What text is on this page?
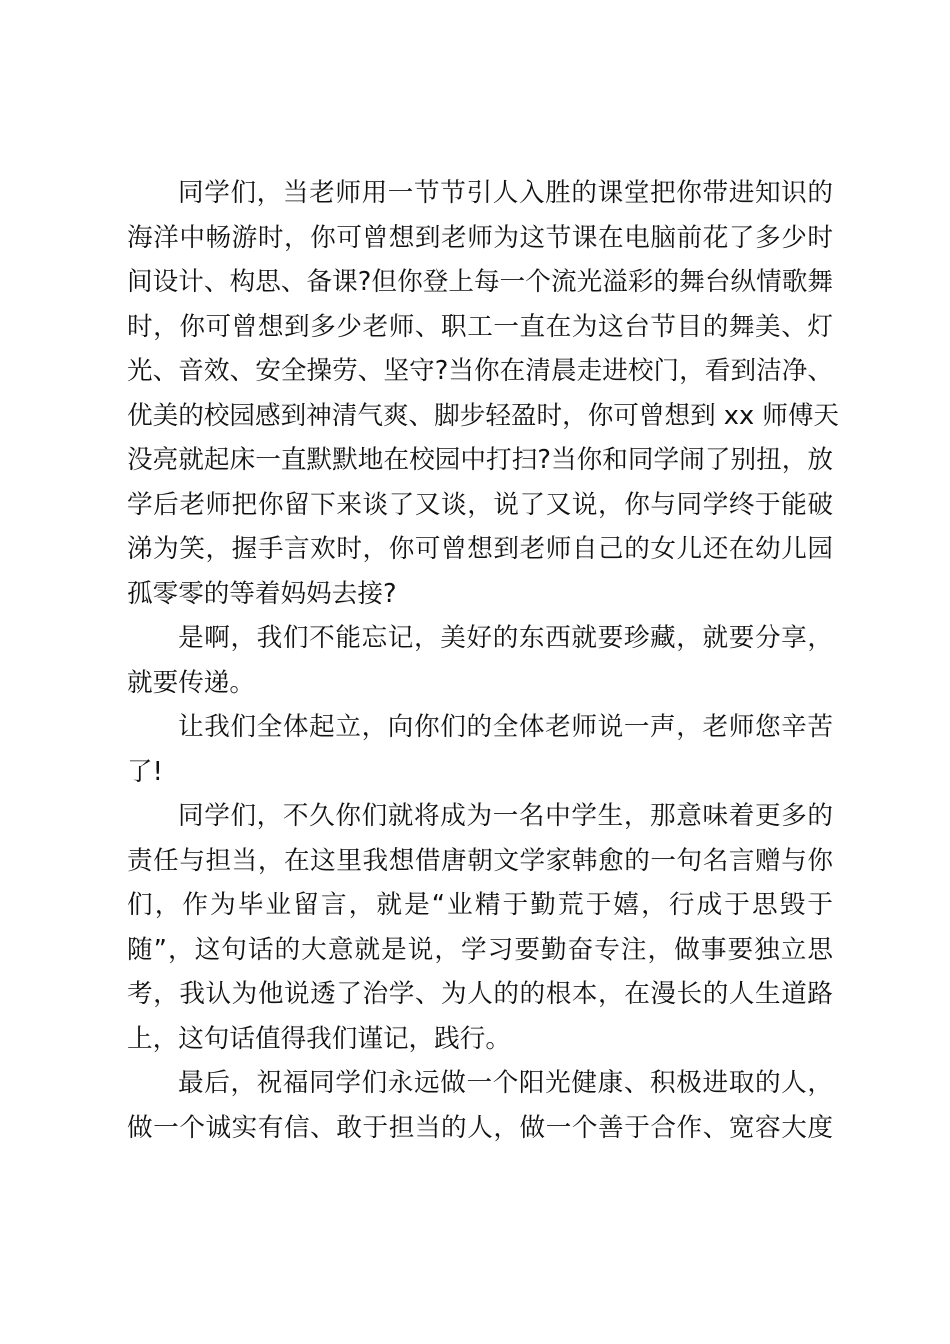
同学们，当老师用一节节引人入胜的课堂把你带进知识的
海洋中畅游时，你可曾想到老师为这节课在电脑前花了多少时
间设计、构思、备课?但你登上每一个流光溢彩的舞台纵情歌舞
时，你可曾想到多少老师、职工一直在为这台节目的舞美、灯
光、音效、安全操劳、坚守?当你在清晨走进校门，看到洁净、
优美的校园感到神清气爽、脚步轻盈时，你可曾想到 xx 师傅天
没亮就起床一直默默地在校园中打扫?当你和同学闹了别扭，放
学后老师把你留下来谈了又谈，说了又说，你与同学终于能破
涕为笑，握手言欢时，你可曾想到老师自己的女儿还在幼儿园
孤零零的等着妈妈去接?
是啊，我们不能忘记，美好的东西就要珍藏，就要分享，
就要传递。
让我们全体起立，向你们的全体老师说一声，老师您辛苦
了!
同学们，不久你们就将成为一名中学生，那意味着更多的
责任与担当，在这里我想借唐朝文学家韩愈的一句名言赠与你
们，作为毕业留言，就是“业精于勤荒于嬉，行成于思毁于
随”，这句话的大意就是说，学习要勤奋专注，做事要独立思
考，我认为他说透了治学、为人的的根本，在漫长的人生道路
上，这句话值得我们谨记，践行。
最后，祝福同学们永远做一个阳光健康、积极进取的人，
做一个诚实有信、敢于担当的人，做一个善于合作、宽容大度
